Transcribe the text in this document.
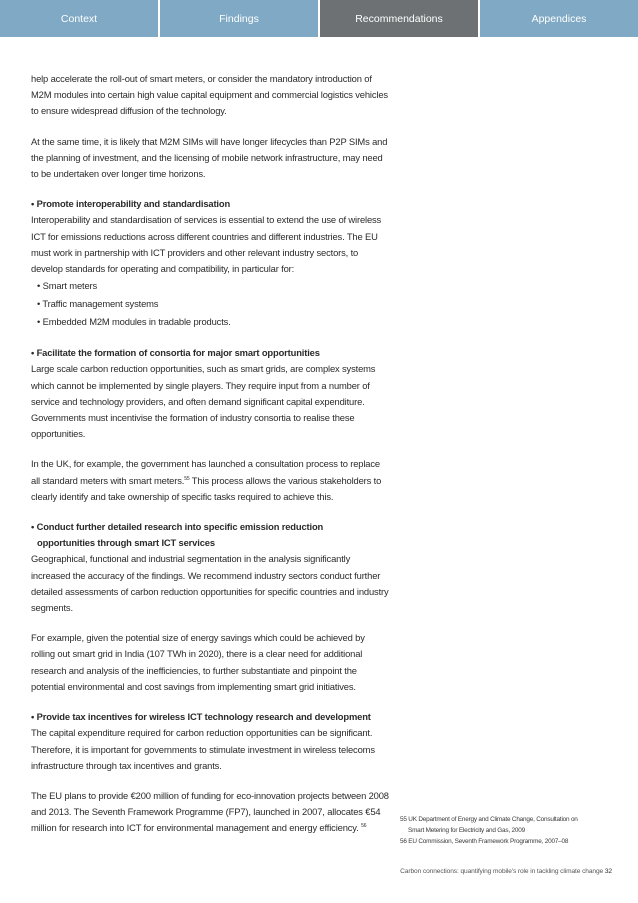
Context	Findings	Recommendations	Appendices

help accelerate the roll-out of smart meters, or consider the mandatory introduction of M2M modules into certain high value capital equipment and commercial logistics vehicles to ensure widespread diffusion of the technology.

At the same time, it is likely that M2M SIMs will have longer lifecycles than P2P SIMs and the planning of investment, and the licensing of mobile network infrastructure, may need to be undertaken over longer time horizons.

• Promote interoperability and standardisation

Interoperability and standardisation of services is essential to extend the use of wireless ICT for emissions reductions across different countries and different industries. The EU must work in partnership with ICT providers and other relevant industry sectors, to develop standards for operating and compatibility, in particular for:

• Smart meters
• Traffic management systems
• Embedded M2M modules in tradable products.
• Facilitate the formation of consortia for major smart opportunities

Large scale carbon reduction opportunities, such as smart grids, are complex systems which cannot be implemented by single players. They require input from a number of service and technology providers, and often demand significant capital expenditure. Governments must incentivise the formation of industry consortia to realise these opportunities.

In the UK, for example, the government has launched a consultation process to replace all standard meters with smart meters.$^{55}$ This process allows the various stakeholders to clearly identify and take ownership of specific tasks required to achieve this.

• Conduct further detailed research into specific emission reduction
opportunities through smart ICT services

Geographical, functional and industrial segmentation in the analysis significantly increased the accuracy of the findings. We recommend industry sectors conduct further detailed assessments of carbon reduction opportunities for specific countries and industry segments.

For example, given the potential size of energy savings which could be achieved by rolling out smart grid in India (107 TWh in 2020), there is a clear need for additional research and analysis of the inefficiencies, to further substantiate and pinpoint the potential environmental and cost savings from implementing smart grid initiatives.

• Provide tax incentives for wireless ICT technology research and development

The capital expenditure required for carbon reduction opportunities can be significant. Therefore, it is important for governments to stimulate investment in wireless telecoms infrastructure through tax incentives and grants.

The EU plans to provide €200 million of funding for eco-innovation projects between 2008 and 2013. The Seventh Framework Programme (FP7), launched in 2007, allocates €54 million for research into ICT for environmental management and energy efficiency. $^{56}$

55 UK Department of Energy and Climate Change, Consultation on
Smart Metering for Electricity and Gas, 2009
56 EU Commission, Seventh Framework Programme, 2007–08
Carbon connections: quantifying mobile's role in tackling climate change 32
